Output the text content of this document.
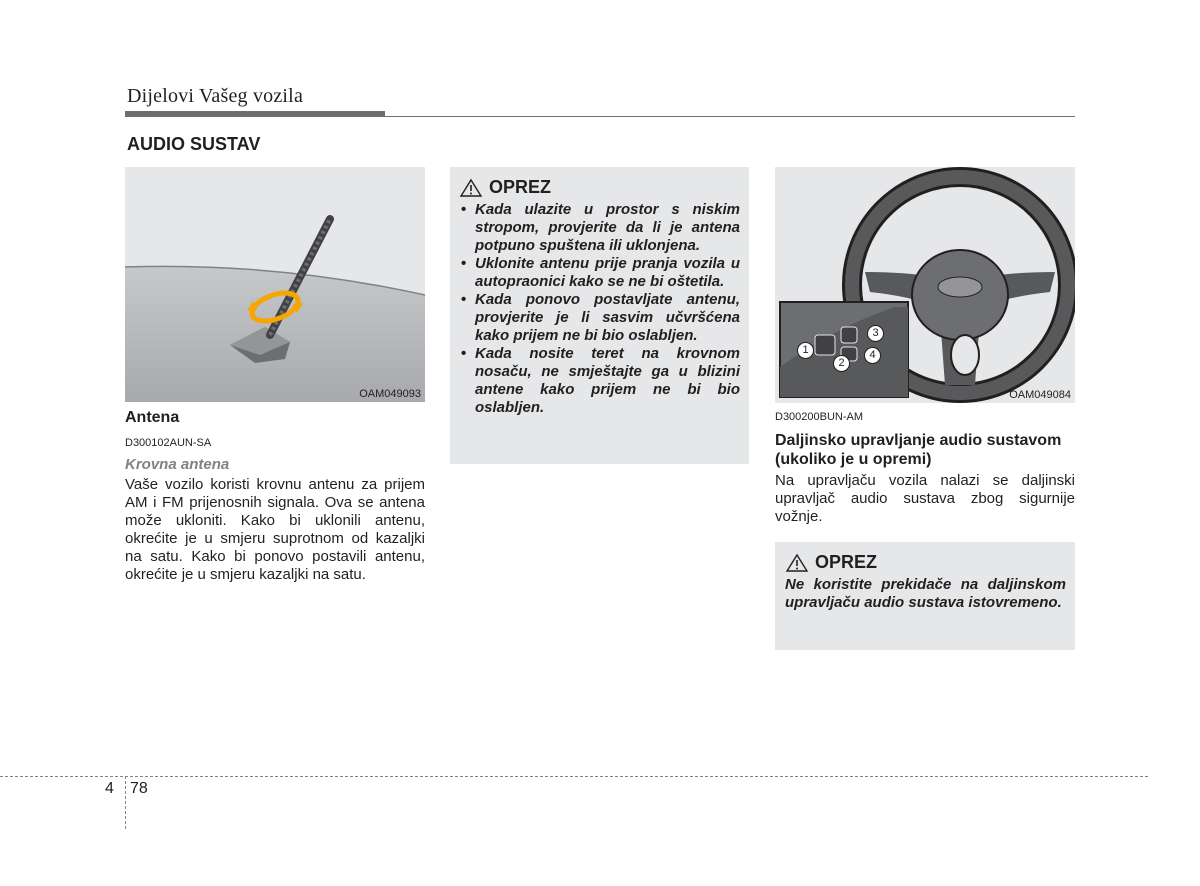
Dijelovi Vašeg vozila
AUDIO SUSTAV
OAM049093
Antena
D300102AUN-SA
Krovna antena
Vaše vozilo koristi krovnu antenu za prijem AM i FM prijenosnih signala. Ova se antena može ukloniti. Kako bi uklonili antenu, okrećite je u smjeru suprotnom od kazaljki na satu. Kako bi ponovo postavili antenu, okrećite je u smjeru kazaljki na satu.
OPREZ
• Kada ulazite u prostor s niskim stropom, provjerite da li je antena potpuno spuštena ili uklonjena.
• Uklonite antenu prije pranja vozila u autopraonici kako se ne bi oštetila.
• Kada ponovo postavljate antenu, provjerite je li sasvim učvršćena kako prijem ne bi bio oslabljen.
• Kada nosite teret na krovnom nosaču, ne smještajte ga u blizini antene kako prijem ne bi bio oslabljen.
1
2
3
4
OAM049084
D300200BUN-AM
Daljinsko upravljanje audio sustavom (ukoliko je u opremi)
Na upravljaču vozila nalazi se daljinski upravljač audio sustava zbog sigurnije vožnje.
OPREZ
Ne koristite prekidače na daljinskom upravljaču audio sustava istovremeno.
4 78
